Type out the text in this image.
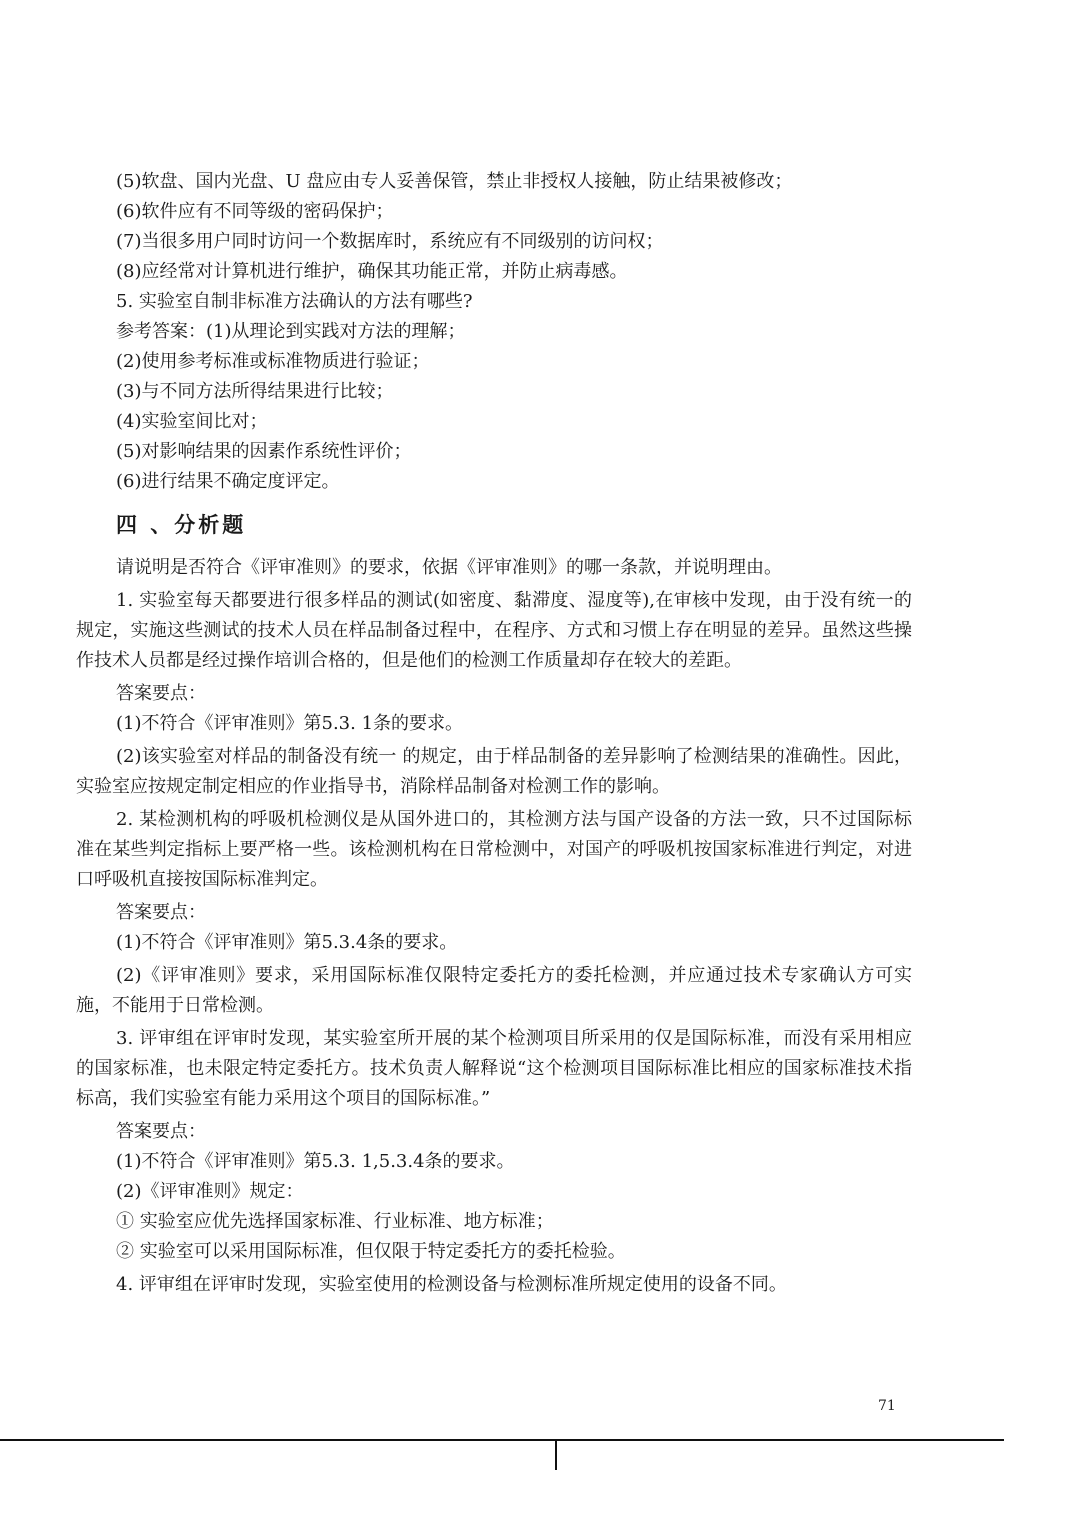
(5)软盘、国内光盘、U 盘应由专人妥善保管，禁止非授权人接触，防止结果被修改；
(6)软件应有不同等级的密码保护；
(7)当很多用户同时访问一个数据库时，系统应有不同级别的访问权；
(8)应经常对计算机进行维护，确保其功能正常，并防止病毒感。
5. 实验室自制非标准方法确认的方法有哪些?
参考答案：(1)从理论到实践对方法的理解；
(2)使用参考标准或标准物质进行验证；
(3)与不同方法所得结果进行比较；
(4)实验室间比对；
(5)对影响结果的因素作系统性评价；
(6)进行结果不确定度评定。
四 、分析题
请说明是否符合《评审准则》的要求，依据《评审准则》的哪一条款，并说明理由。
1. 实验室每天都要进行很多样品的测试(如密度、黏滞度、湿度等),在审核中发现，由于没有统一的规定，实施这些测试的技术人员在样品制备过程中，在程序、方式和习惯上存在明显的差异。虽然这些操作技术人员都是经过操作培训合格的，但是他们的检测工作质量却存在较大的差距。
答案要点：
(1)不符合《评审准则》第5.3. 1条的要求。
(2)该实验室对样品的制备没有统一 的规定，由于样品制备的差异影响了检测结果的准确性。因此，实验室应按规定制定相应的作业指导书，消除样品制备对检测工作的影响。
2. 某检测机构的呼吸机检测仪是从国外进口的，其检测方法与国产设备的方法一致，只不过国际标准在某些判定指标上要严格一些。该检测机构在日常检测中，对国产的呼吸机按国家标准进行判定，对进口呼吸机直接按国际标准判定。
答案要点：
(1)不符合《评审准则》第5.3.4条的要求。
(2)《评审准则》要求，采用国际标准仅限特定委托方的委托检测，并应通过技术专家确认方可实施，不能用于日常检测。
3. 评审组在评审时发现，某实验室所开展的某个检测项目所采用的仅是国际标准，而没有采用相应的国家标准，也未限定特定委托方。技术负责人解释说“这个检测项目国际标准比相应的国家标准技术指标高，我们实验室有能力采用这个项目的国际标准。”
答案要点：
(1)不符合《评审准则》第5.3. 1,5.3.4条的要求。
(2)《评审准则》规定：
① 实验室应优先选择国家标准、行业标准、地方标准；
② 实验室可以采用国际标准，但仅限于特定委托方的委托检验。
4. 评审组在评审时发现，实验室使用的检测设备与检测标准所规定使用的设备不同。
71
